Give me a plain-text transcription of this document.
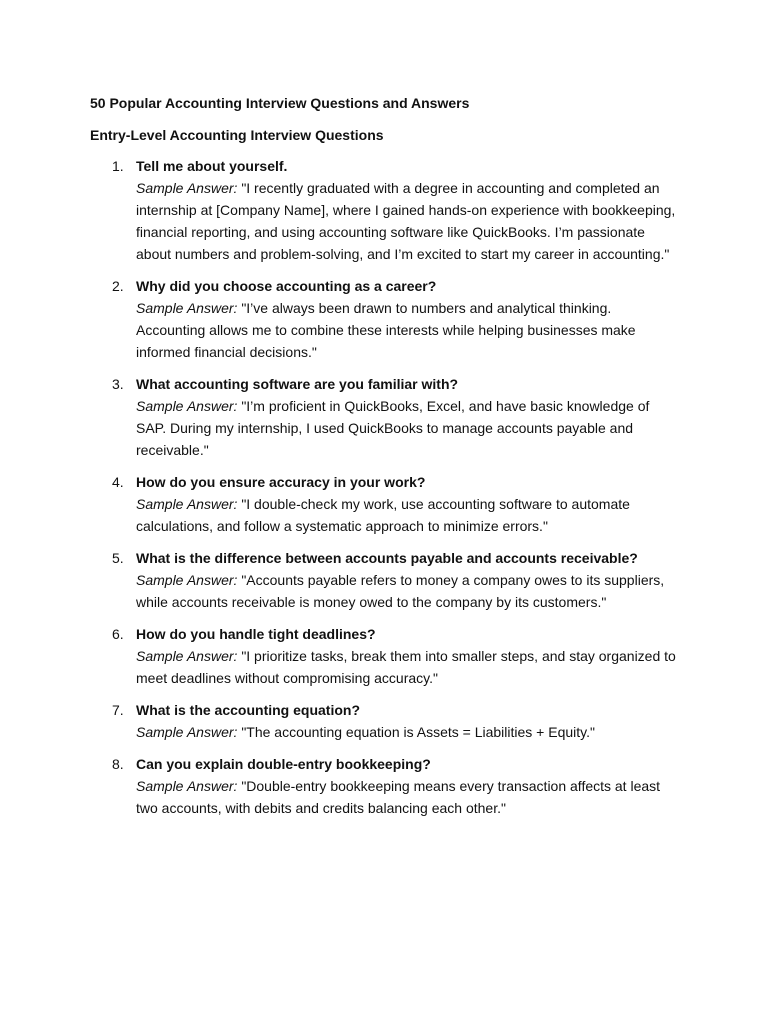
50 Popular Accounting Interview Questions and Answers
Entry-Level Accounting Interview Questions
1. Tell me about yourself.
Sample Answer: "I recently graduated with a degree in accounting and completed an internship at [Company Name], where I gained hands-on experience with bookkeeping, financial reporting, and using accounting software like QuickBooks. I’m passionate about numbers and problem-solving, and I’m excited to start my career in accounting."
2. Why did you choose accounting as a career?
Sample Answer: "I’ve always been drawn to numbers and analytical thinking. Accounting allows me to combine these interests while helping businesses make informed financial decisions."
3. What accounting software are you familiar with?
Sample Answer: "I’m proficient in QuickBooks, Excel, and have basic knowledge of SAP. During my internship, I used QuickBooks to manage accounts payable and receivable."
4. How do you ensure accuracy in your work?
Sample Answer: "I double-check my work, use accounting software to automate calculations, and follow a systematic approach to minimize errors."
5. What is the difference between accounts payable and accounts receivable?
Sample Answer: "Accounts payable refers to money a company owes to its suppliers, while accounts receivable is money owed to the company by its customers."
6. How do you handle tight deadlines?
Sample Answer: "I prioritize tasks, break them into smaller steps, and stay organized to meet deadlines without compromising accuracy."
7. What is the accounting equation?
Sample Answer: "The accounting equation is Assets = Liabilities + Equity."
8. Can you explain double-entry bookkeeping?
Sample Answer: "Double-entry bookkeeping means every transaction affects at least two accounts, with debits and credits balancing each other."
